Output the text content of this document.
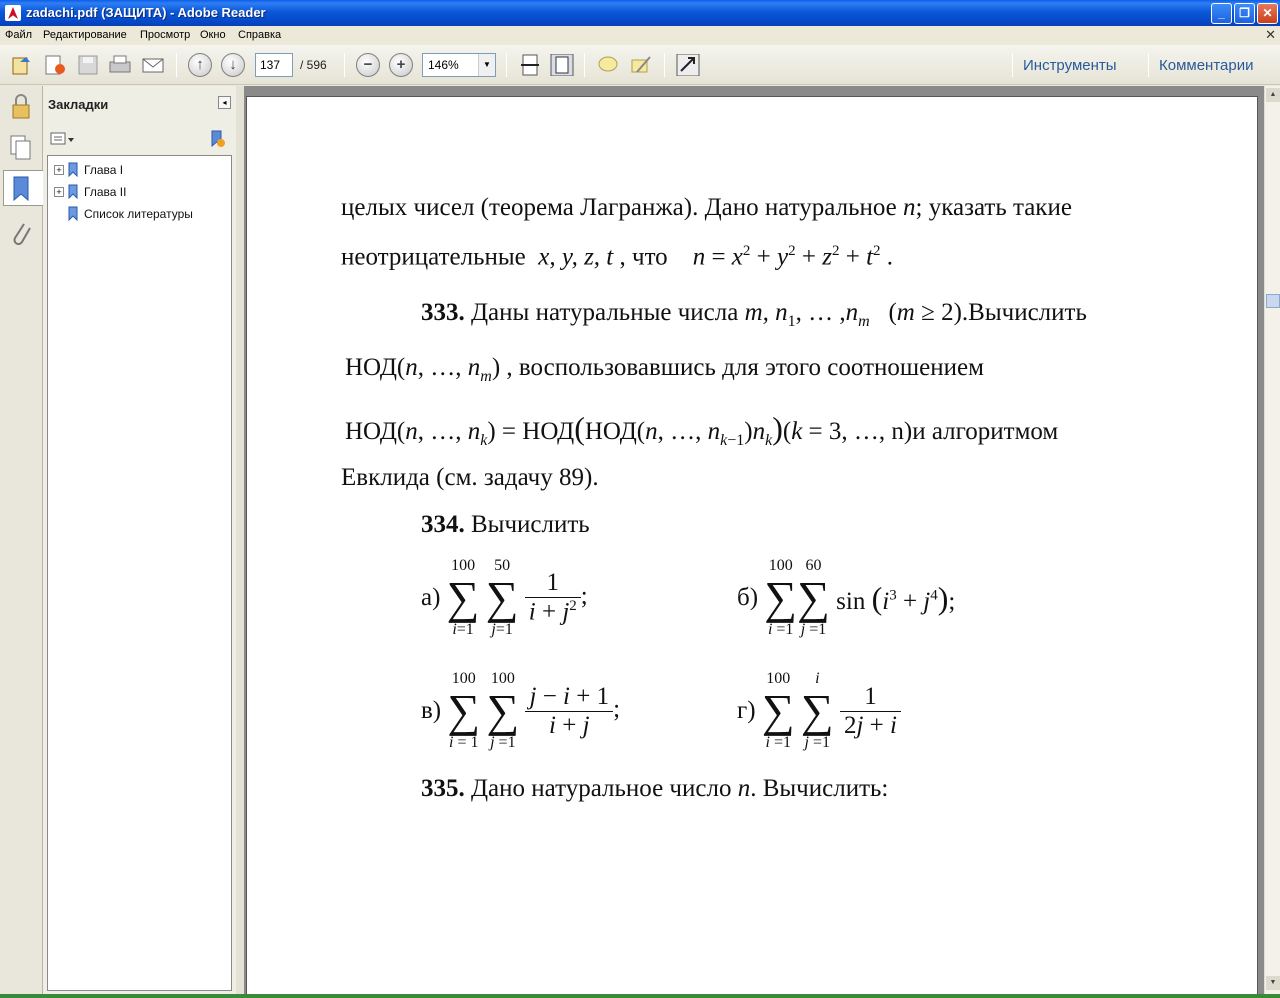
zadachi.pdf (ЗАЩИТА) - Adobe Reader	_	❐	✕
Файл Редактирование Просмотр Окно Справка	✕
↑	↓	−	+
137	/ 596	146%	▼	Инструменты	Комментарии
Закладки	◂
+ Глава I
+ Глава II
Список литературы	целых чисел (теорема Лагранжа). Дано натуральное n; указать такие
неотрицательные  x, y, z, t , что    $n = x^2 + y^2 + z^2 + t^2$ .
333. Даны натуральные числа m, $n_1$, … $,n_m$   (m ≥ 2).Вычислить
НОД(n, …, $n_m$) , воспользовавшись для этого соотношением
НОД(n, …, $n_k) = НОД(НОД(n$, …, $n_{k-1})n_k)(k = 3$, …, n)и алгоритмом
Евклида (см. задачу 89).
334. Вычислить
а)
100
∑
i=1

50
∑
j=1

$\frac{1}{i + j^2}$ ;	б)
100
∑
i =1
60
∑
j =1
$\sin (i^3 + j^4)$;
в)
100
∑
i = 1

100
∑
j =1

$\frac{j - i + 1}{i + j}$ ;	г)
100
∑
i =1

i
∑
j =1

$\frac{1}{2j + i}$
335. Дано натуральное число n. Вычислить:
▲
▼
